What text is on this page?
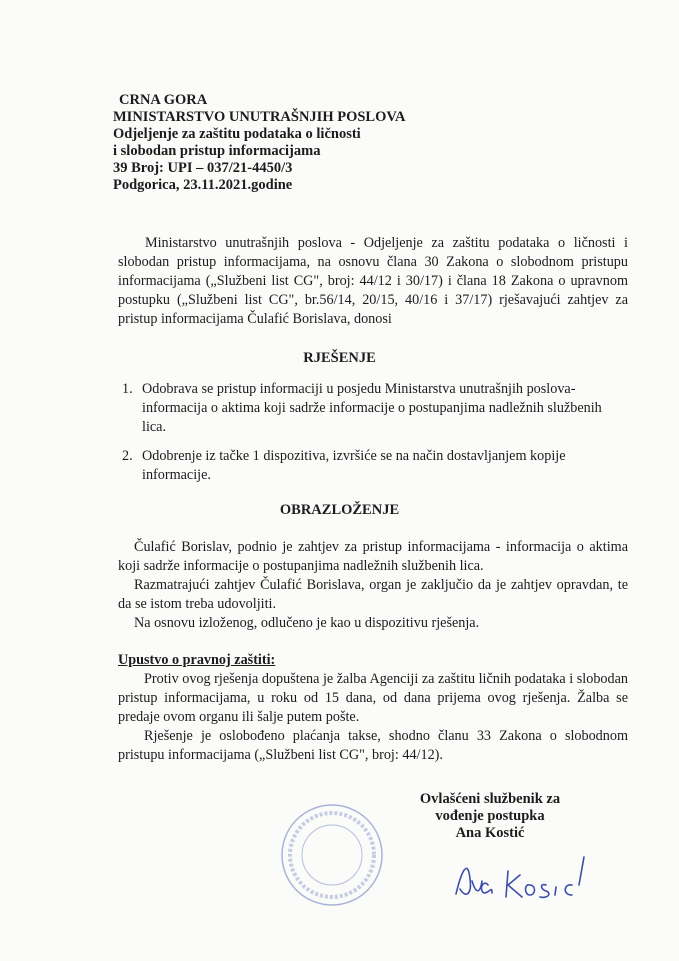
CRNA GORA
MINISTARSTVO UNUTRAŠNJIH POSLOVA
Odjeljenje za zaštitu podataka o ličnosti
i slobodan pristup informacijama
39 Broj: UPI – 037/21-4450/3
Podgorica, 23.11.2021.godine
Ministarstvo unutrašnjih poslova - Odjeljenje za zaštitu podataka o ličnosti i slobodan pristup informacijama, na osnovu člana 30 Zakona o slobodnom pristupu informacijama („Službeni list CG", broj: 44/12 i 30/17) i člana 18 Zakona o upravnom postupku („Službeni list CG", br.56/14, 20/15, 40/16 i 37/17) rješavajući zahtjev za pristup informacijama Čulafić Borislava, donosi
RJEŠENJE
1. Odobrava se pristup informaciji u posjedu Ministarstva unutrašnjih poslova- informacija o aktima koji sadrže informacije o postupanjima nadležnih službenih lica.
2. Odobrenje iz tačke 1 dispozitiva, izvršiće se na način dostavljanjem kopije informacije.
OBRAZLOŽENJE
Čulafić Borislav, podnio je zahtjev za pristup informacijama - informacija o aktima koji sadrže informacije o postupanjima nadležnih službenih lica.
Razmatrajući zahtjev Čulafić Borislava, organ je zaključio da je zahtjev opravdan, te da se istom treba udovoljiti.
Na osnovu izloženog, odlučeno je kao u dispozitivu rješenja.
Upustvo o pravnoj zaštiti:
Protiv ovog rješenja dopuštena je žalba Agenciji za zaštitu ličnih podataka i slobodan pristup informacijama, u roku od 15 dana, od dana prijema ovog rješenja. Žalba se predaje ovom organu ili šalje putem pošte.
Rješenje je oslobođeno plaćanja takse, shodno članu 33 Zakona o slobodnom pristupu informacijama („Službeni list CG", broj: 44/12).
Ovlašćeni službenik za
vođenje postupka
Ana Kostić
